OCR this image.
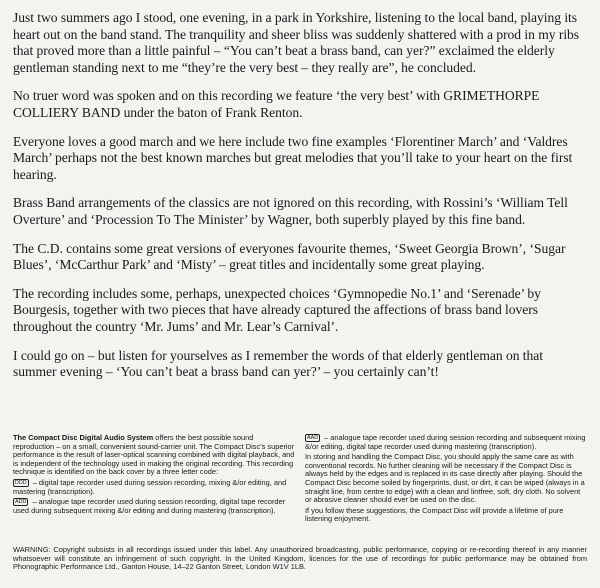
Just two summers ago I stood, one evening, in a park in Yorkshire, listening to the local band, playing its heart out on the band stand. The tranquility and sheer bliss was suddenly shattered with a prod in my ribs that proved more than a little painful – “You can’t beat a brass band, can yer?” exclaimed the elderly gentleman standing next to me “they’re the very best – they really are”, he concluded.

No truer word was spoken and on this recording we feature ‘the very best’ with GRIMETHORPE COLLIERY BAND under the baton of Frank Renton.

Everyone loves a good march and we here include two fine examples ‘Florentiner March’ and ‘Valdres March’ perhaps not the best known marches but great melodies that you’ll take to your heart on the first hearing.

Brass Band arrangements of the classics are not ignored on this recording, with Rossini’s ‘William Tell Overture’ and ‘Procession To The Minister’ by Wagner, both superbly played by this fine band.

The C.D. contains some great versions of everyones favourite themes, ‘Sweet Georgia Brown’, ‘Sugar Blues’, ‘McCarthur Park’ and ‘Misty’ – great titles and incidentally some great playing.

The recording includes some, perhaps, unexpected choices ‘Gymnopedie No.1’ and ‘Serenade’ by Bourgesis, together with two pieces that have already captured the affections of brass band lovers throughout the country ‘Mr. Jums’ and Mr. Lear’s Carnival’.

I could go on – but listen for yourselves as I remember the words of that elderly gentleman on that summer evening – ‘You can’t beat a brass band can yer?’ – you certainly can’t!

The Compact Disc Digital Audio System offers the best possible sound reproduction – on a small, convenient sound-carrier unit. The Compact Disc’s superior performance is the result of laser-optical scanning combined with digital playback, and is independent of the technology used in making the original recording. This recording technique is identified on the back cover by a three letter code:

DDD – digital tape recorder used during session recording, mixing &/or editing, and mastering (transcription).

ADD – analogue tape recorder used during session recording, digital tape recorder used during subsequent mixing &/or editing and during mastering (transcription).

AAD – analogue tape recorder used during session recording and subsequent mixing &/or editing, digital tape recorder used during mastering (transcription).

In storing and handling the Compact Disc, you should apply the same care as with conventional records. No further cleaning will be necessary if the Compact Disc is always held by the edges and is replaced in its case directly after playing. Should the Compact Disc become soiled by fingerprints, dust, or dirt, it can be wiped (always in a straight line, from centre to edge) with a clean and lintfree, soft, dry cloth. No solvent or abrasive cleaner should ever be used on the disc.

If you follow these suggestions, the Compact Disc will provide a lifetime of pure listening enjoyment.

WARNING: Copyright subsists in all recordings issued under this label. Any unauthorized broadcasting, public performance, copying or re-recording thereof in any manner whatsoever will constitute an infringement of such copyright. In the United Kingdom, licences for the use of recordings for public performance may be obtained from Phonographic Performance Ltd., Ganton House, 14–22 Ganton Street, London W1V 1LB.
